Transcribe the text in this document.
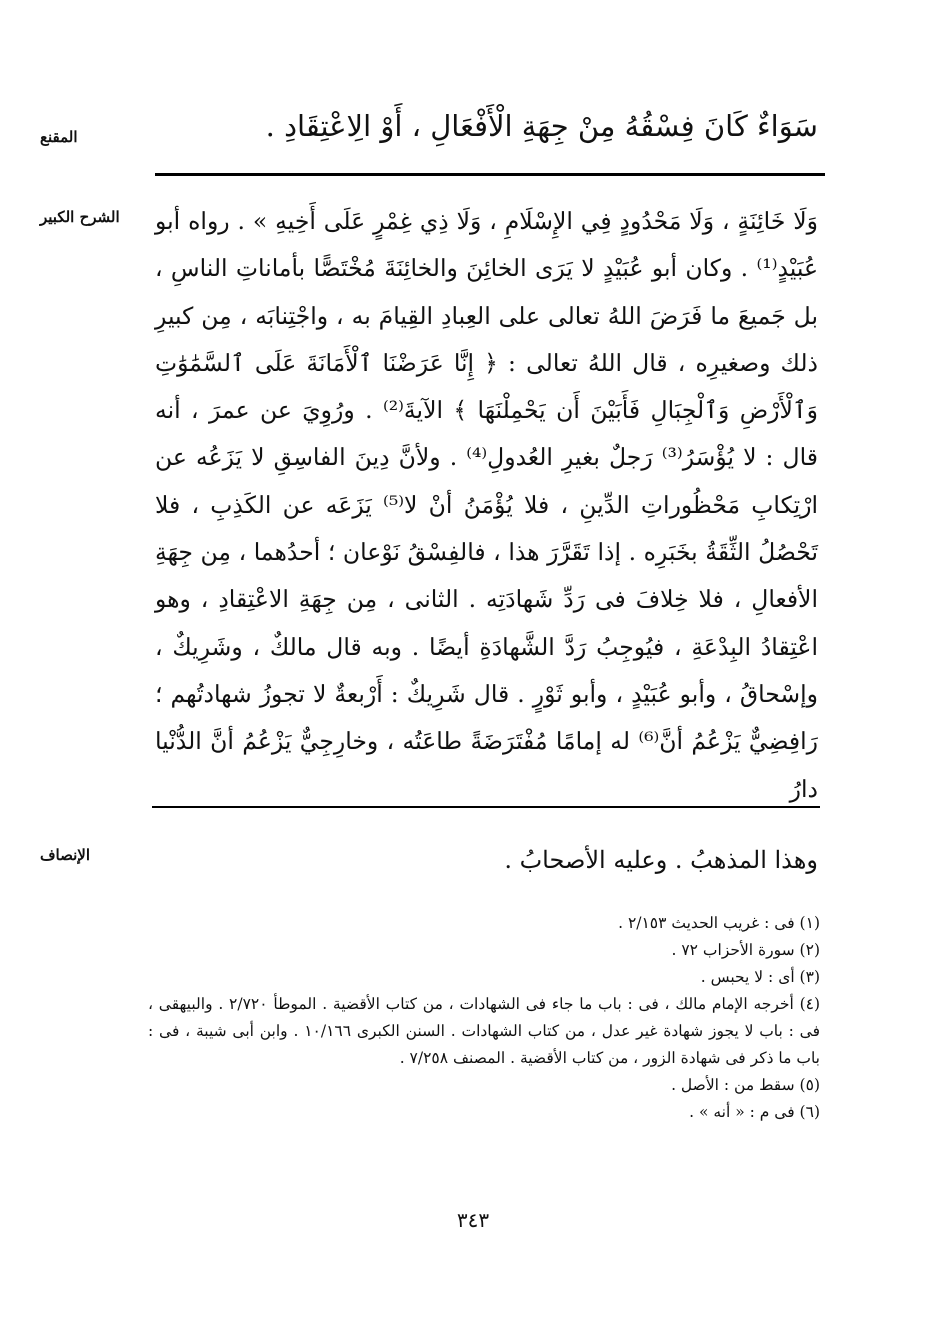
المقنع
الشرح الكبير
الإنصاف
سَوَاءٌ كَانَ فِسْقُهُ مِنْ جِهَةِ الْأَفْعَالِ ، أَوْ الِاعْتِقَادِ .

وَلَا خَائِنَةٍ ، وَلَا مَحْدُودٍ فِي الإِسْلَامِ ، وَلَا ذِي غِمْرٍ عَلَى أَخِيهِ » . رواه أبو عُبَيْدٍ⁽¹⁾ . وكان أبو عُبَيْدٍ لا يَرَى الخائِنَ والخائِنَةَ مُخْتَصًّا بأماناتِ الناسِ ، بل جَميعَ ما فَرَضَ اللهُ تعالى على العِبادِ القِيامَ به ، واجْتِنابَه ، مِن كبيرِ ذلك وصغيرِه ، قال اللهُ تعالى : ﴿ إِنَّا عَرَضْنَا ٱلْأَمَانَةَ عَلَى ٱلسَّمَٰوَٰتِ وَٱلْأَرْضِ وَٱلْجِبَالِ فَأَبَيْنَ أَن يَحْمِلْنَهَا ﴾ الآيةَ⁽²⁾ . ورُوِيَ عن عمرَ ، أنه قال : لا يُؤْسَرُ⁽³⁾ رَجلٌ بغيرِ العُدولِ⁽⁴⁾ . ولأنَّ دِينَ الفاسِقِ لا يَزَعُه عن ارْتِكابِ مَحْظُوراتِ الدِّينِ ، فلا يُؤْمَنُ أنْ لا⁽⁵⁾ يَزَعَه عن الكَذِبِ ، فلا تَحْصُلُ الثِّقَةُ بخَبَرِه . إذا تَقَرَّرَ هذا ، فالفِسْقُ نَوْعان ؛ أحدُهما ، مِن جِهَةِ الأفعالِ ، فلا خِلافَ فى رَدِّ شَهادَتِه . الثانى ، مِن جِهَةِ الاعْتِقادِ ، وهو اعْتِقادُ البِدْعَةِ ، فيُوجِبُ رَدَّ الشَّهادَةِ أيضًا . وبه قال مالكٌ ، وشَرِيكٌ ، وإسْحاقُ ، وأبو عُبَيْدٍ ، وأبو ثَوْرٍ . قال شَرِيكٌ : أَرْبعةٌ لا تجوزُ شهادتُهم ؛ رَافِضِيٌّ يَزْعُمُ أنَّ⁽⁶⁾ له إمامًا مُفْتَرَضَةً طاعَتُه ، وخارِجِيٌّ يَزْعُمُ أنَّ الدُّنْيا دارُ

وهذا المذهبُ . وعليه الأصحابُ .

(١) فى : غريب الحديث ٢/١٥٣ .

(٢) سورة الأحزاب ٧٢ .

(٣) أى : لا يحبس .

(٤) أخرجه الإمام مالك ، فى : باب ما جاء فى الشهادات ، من كتاب الأقضية . الموطأ ٢/٧٢٠ . والبيهقى ، فى : باب لا يجوز شهادة غير عدل ، من كتاب الشهادات . السنن الكبرى ١٠/١٦٦ . وابن أبى شيبة ، فى : باب ما ذكر فى شهادة الزور ، من كتاب الأقضية . المصنف ٧/٢٥٨ .

(٥) سقط من : الأصل .

(٦) فى م : « أنه » .

٣٤٣
